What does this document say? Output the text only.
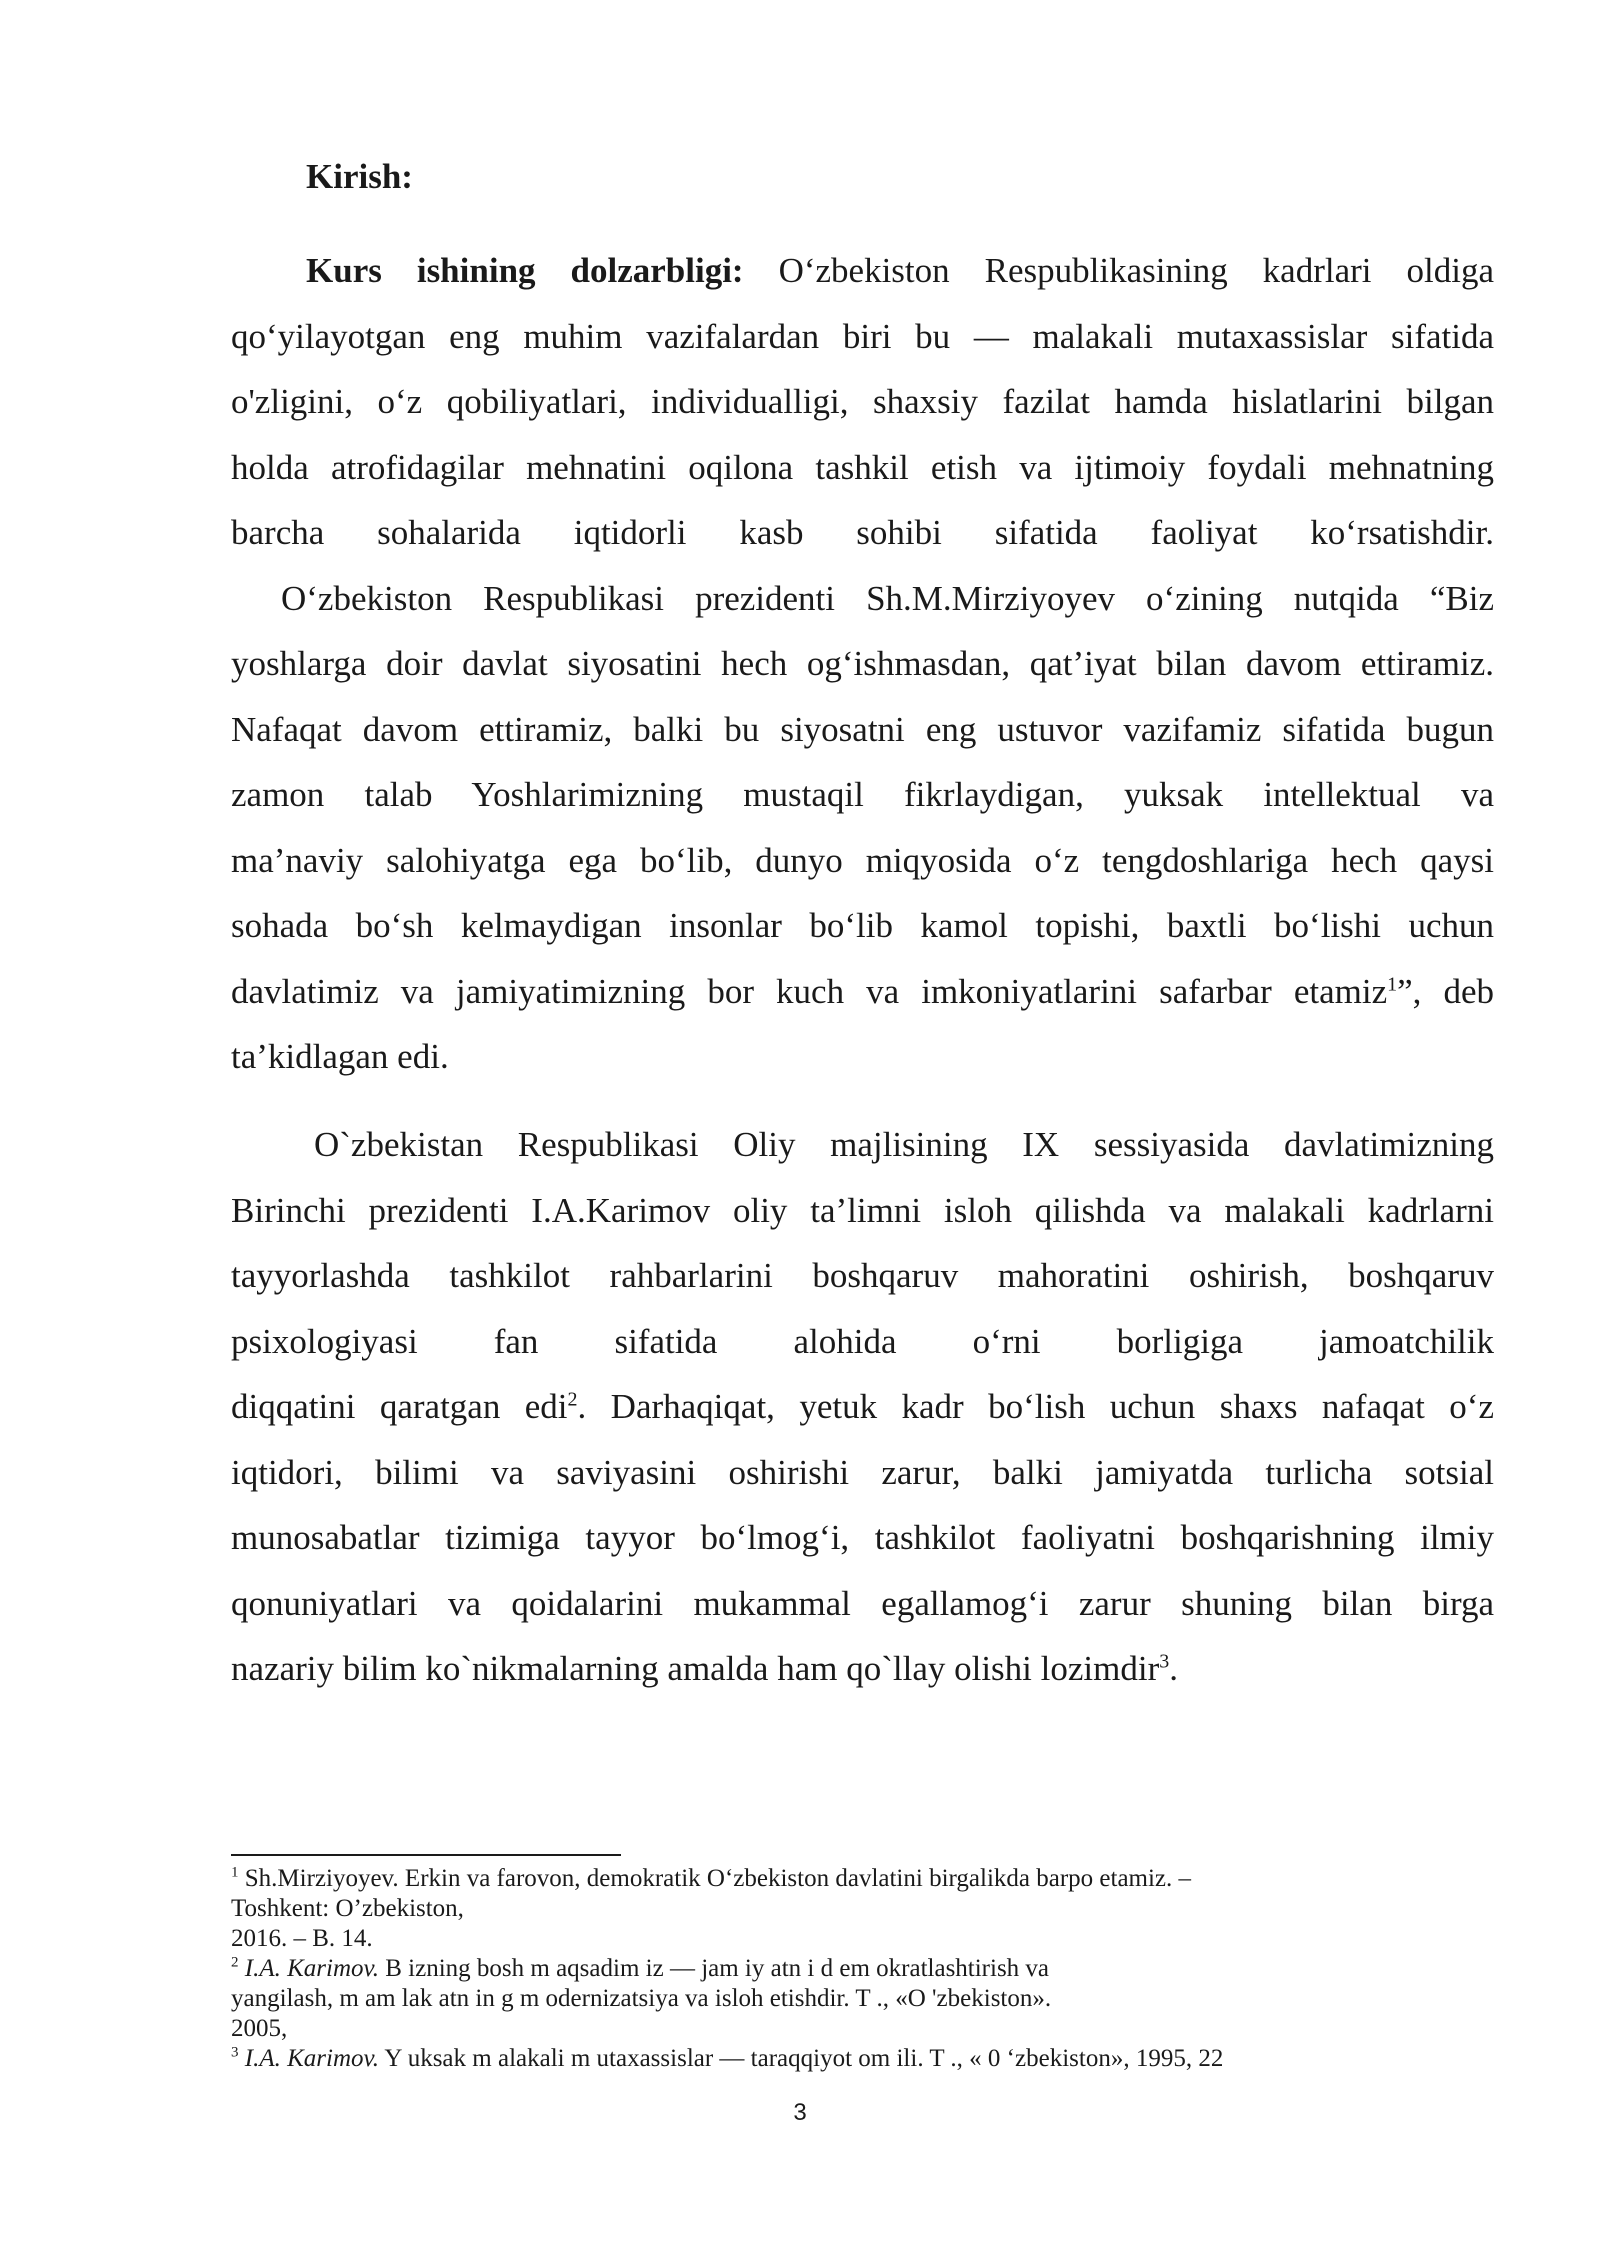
Kirish:
Kurs ishining dolzarbligi: O‘zbekiston Respublikasining kadrlari oldiga
qo‘yilayotgan eng muhim vazifalardan biri bu — malakali mutaxassislar sifatida
o'zligini, o‘z qobiliyatlari, individualligi, shaxsiy fazilat hamda hislatlarini bilgan
holda atrofidagilar mehnatini oqilona tashkil etish va ijtimoiy foydali mehnatning
barcha sohalarida iqtidorli kasb sohibi sifatida faoliyat ko‘rsatishdir.
O‘zbekiston Respublikasi prezidenti Sh.M.Mirziyoyev o‘zining nutqida “Biz
yoshlarga doir davlat siyosatini hech og‘ishmasdan, qat’iyat bilan davom ettiramiz.
Nafaqat davom ettiramiz, balki bu siyosatni eng ustuvor vazifamiz sifatida bugun
zamon talab Yoshlarimizning mustaqil fikrlaydigan, yuksak intellektual va
ma’naviy salohiyatga ega bo‘lib, dunyo miqyosida o‘z tengdoshlariga hech qaysi
sohada bo‘sh kelmaydigan insonlar bo‘lib kamol topishi, baxtli bo‘lishi uchun
davlatimiz va jamiyatimizning bor kuch va imkoniyatlarini safarbar etamiz$^1$”, deb
ta’kidlagan edi.
O`zbekistan Respublikasi Oliy majlisining IX sessiyasida davlatimizning
Birinchi prezidenti I.A.Karimov oliy ta’limni isloh qilishda va malakali kadrlarni
tayyorlashda tashkilot rahbarlarini boshqaruv mahoratini oshirish, boshqaruv
psixologiyasi fan sifatida alohida o‘rni borligiga jamoatchilik
diqqatini qaratgan edi$^2$. Darhaqiqat, yetuk kadr bo‘lish uchun shaxs nafaqat o‘z
iqtidori, bilimi va saviyasini oshirishi zarur, balki jamiyatda turlicha sotsial
munosabatlar tizimiga tayyor bo‘lmog‘i, tashkilot faoliyatni boshqarishning ilmiy
qonuniyatlari va qoidalarini mukammal egallamog‘i zarur shuning bilan birga
nazariy bilim ko`nikmalarning amalda ham qo`llay olishi lozimdir$^3$.
$^1$ Sh.Mirziyoyev. Erkin va farovon, demokratik O‘zbekiston davlatini birgalikda barpo etamiz. –
Toshkent: O’zbekiston,
2016. – B. 14.
$^2$ I.A. Karimov. B izning bosh m aqsadim iz — jam iy atn i d em okratlashtirish va
yangilash, m am lak atn in g m odernizatsiya va isloh etishdir. T ., «O 'zbekiston».
2005,
$^3$ I.A. Karimov. Y uksak m alakali m utaxassislar — taraqqiyot om ili. T ., « 0 ‘zbekiston», 1995, 22
3
